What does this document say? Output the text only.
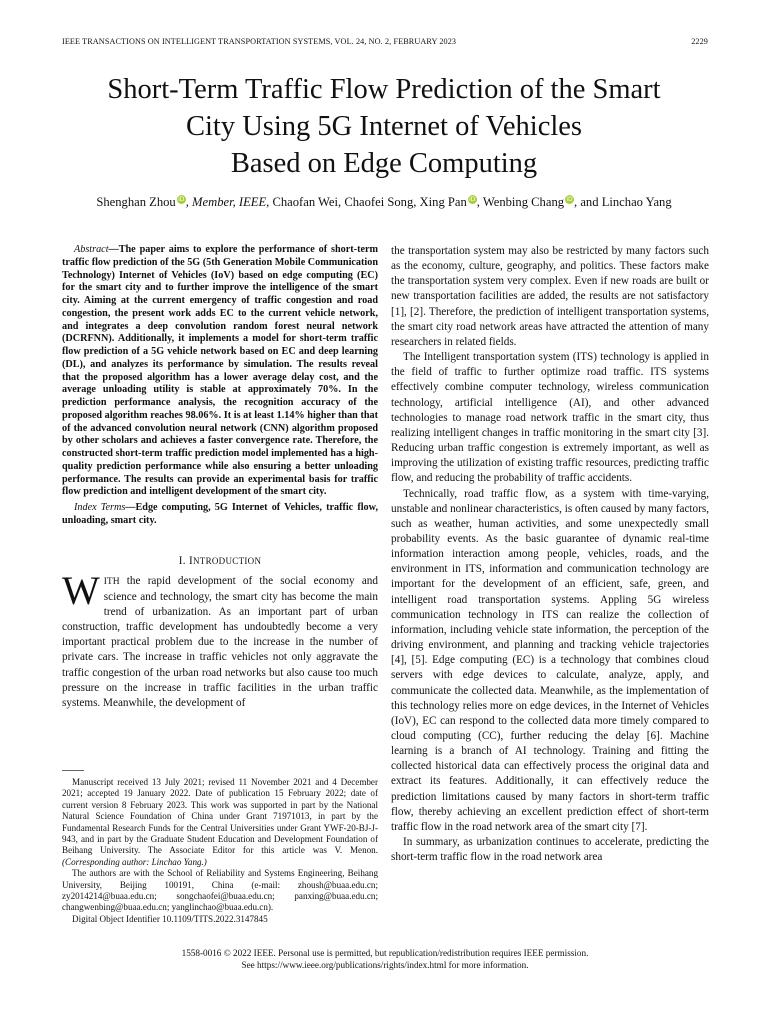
IEEE TRANSACTIONS ON INTELLIGENT TRANSPORTATION SYSTEMS, VOL. 24, NO. 2, FEBRUARY 2023	2229
Short-Term Traffic Flow Prediction of the Smart
City Using 5G Internet of Vehicles
Based on Edge Computing
Shenghan Zhou iD, Member, IEEE, Chaofan Wei, Chaofei Song, Xing Pan iD, Wenbing Chang iD, and Linchao Yang

Abstract—The paper aims to explore the performance of short-term traffic flow prediction of the 5G (5th Generation Mobile Communication Technology) Internet of Vehicles (IoV) based on edge computing (EC) for the smart city and to further improve the intelligence of the smart city. Aiming at the current emergency of traffic congestion and road congestion, the present work adds EC to the current vehicle network, and integrates a deep convolution random forest neural network (DCRFNN). Additionally, it implements a model for short-term traffic flow prediction of a 5G vehicle network based on EC and deep learning (DL), and analyzes its performance by simulation. The results reveal that the proposed algorithm has a lower average delay cost, and the average unloading utility is stable at approximately 70%. In the prediction performance analysis, the recognition accuracy of the proposed algorithm reaches 98.06%. It is at least 1.14% higher than that of the advanced convolution neural network (CNN) algorithm proposed by other scholars and achieves a faster convergence rate. Therefore, the constructed short-term traffic prediction model implemented has a high-quality prediction performance while also ensuring a better unloading performance. The results can provide an experimental basis for traffic flow prediction and intelligent development of the smart city.

Index Terms—Edge computing, 5G Internet of Vehicles, traffic flow, unloading, smart city.

I. INTRODUCTION

WITH the rapid development of the social economy and science and technology, the smart city has become the main trend of urbanization. As an important part of urban construction, traffic development has undoubtedly become a very important practical problem due to the increase in the number of private cars. The increase in traffic vehicles not only aggravate the traffic congestion of the urban road networks but also cause too much pressure on the increase in traffic facilities in the urban traffic systems. Meanwhile, the development of

Manuscript received 13 July 2021; revised 11 November 2021 and 4 December 2021; accepted 19 January 2022. Date of publication 15 February 2022; date of current version 8 February 2023. This work was supported in part by the National Natural Science Foundation of China under Grant 71971013, in part by the Fundamental Research Funds for the Central Universities under Grant YWF-20-BJ-J-943, and in part by the Graduate Student Education and Development Foundation of Beihang University. The Associate Editor for this article was V. Menon. (Corresponding author: Linchao Yang.)

The authors are with the School of Reliability and Systems Engineering, Beihang University, Beijing 100191, China (e-mail: zhoush@buaa.edu.cn; zy2014214@buaa.edu.cn; songchaofei@buaa.edu.cn; panxing@buaa.edu.cn; changwenbing@buaa.edu.cn; yanglinchao@buaa.edu.cn).

Digital Object Identifier 10.1109/TITS.2022.3147845

the transportation system may also be restricted by many factors such as the economy, culture, geography, and politics. These factors make the transportation system very complex. Even if new roads are built or new transportation facilities are added, the results are not satisfactory [1], [2]. Therefore, the prediction of intelligent transportation systems, the smart city road network areas have attracted the attention of many researchers in related fields.

The Intelligent transportation system (ITS) technology is applied in the field of traffic to further optimize road traffic. ITS systems effectively combine computer technology, wireless communication technology, artificial intelligence (AI), and other advanced technologies to manage road network traffic in the smart city, thus realizing intelligent changes in traffic monitoring in the smart city [3]. Reducing urban traffic congestion is extremely important, as well as improving the utilization of existing traffic resources, predicting traffic flow, and reducing the probability of traffic accidents.

Technically, road traffic flow, as a system with time-varying, unstable and nonlinear characteristics, is often caused by many factors, such as weather, human activities, and some unexpectedly small probability events. As the basic guarantee of dynamic real-time information interaction among people, vehicles, roads, and the environment in ITS, information and communication technology are important for the development of an efficient, safe, green, and intelligent road transportation systems. Appling 5G wireless communication technology in ITS can realize the collection of information, including vehicle state information, the perception of the driving environment, and planning and tracking vehicle trajectories [4], [5]. Edge computing (EC) is a technology that combines cloud servers with edge devices to calculate, analyze, apply, and communicate the collected data. Meanwhile, as the implementation of this technology relies more on edge devices, in the Internet of Vehicles (IoV), EC can respond to the collected data more timely compared to cloud computing (CC), further reducing the delay [6]. Machine learning is a branch of AI technology. Training and fitting the collected historical data can effectively process the original data and extract its features. Additionally, it can effectively reduce the prediction limitations caused by many factors in short-term traffic flow, thereby achieving an excellent prediction effect of short-term traffic flow in the road network area of the smart city [7].

In summary, as urbanization continues to accelerate, predicting the short-term traffic flow in the road network area

1558-0016 © 2022 IEEE. Personal use is permitted, but republication/redistribution requires IEEE permission.
See https://www.ieee.org/publications/rights/index.html for more information.
